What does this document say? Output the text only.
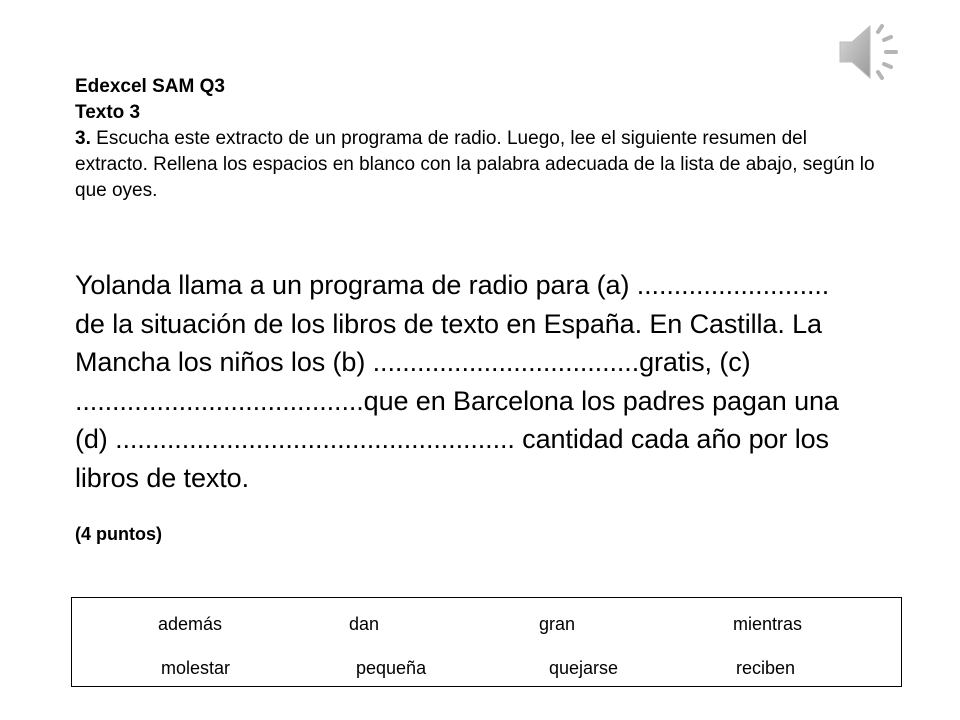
Edexcel SAM Q3
Texto 3
3. Escucha este extracto de un programa de radio. Luego, lee el siguiente resumen del extracto. Rellena los espacios en blanco con la palabra adecuada de la lista de abajo, según lo que oyes.
Yolanda llama a un programa de radio para (a) ..........................
de la situación de los libros de texto en España. En Castilla. La
Mancha los niños los (b) ....................................gratis, (c)
.......................................que en Barcelona los padres pagan una
(d) ...................................................... cantidad cada año por los
libros de texto.
(4 puntos)
además	dan	gran	mientras
molestar	pequeña	quejarse	reciben
